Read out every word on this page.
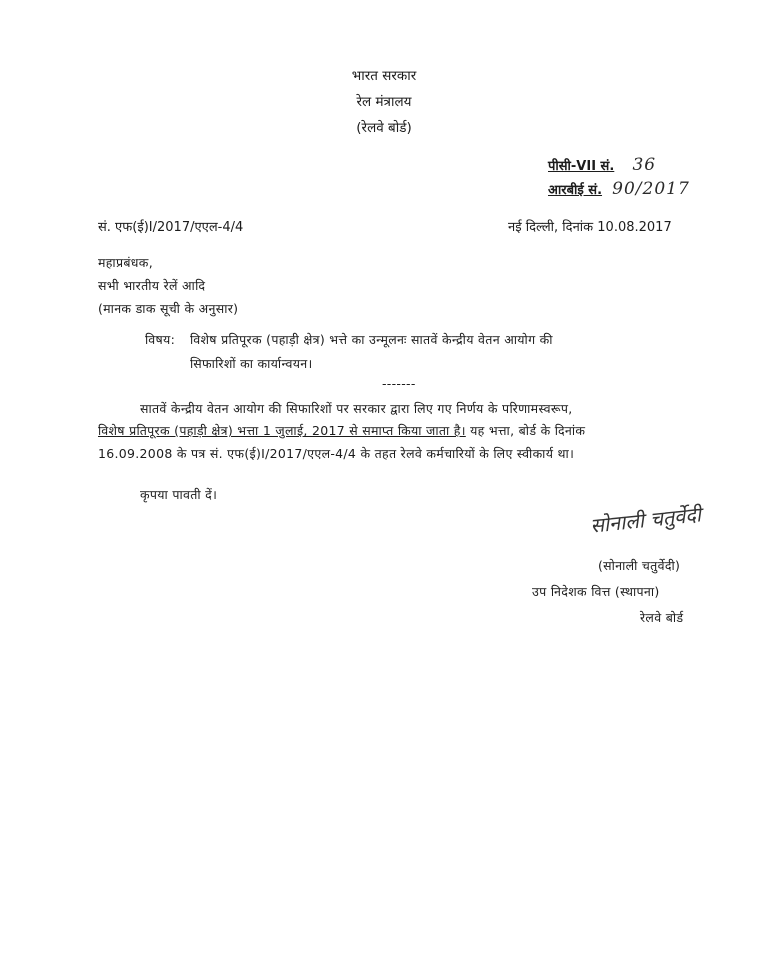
भारत सरकार
रेल मंत्रालय
(रेलवे बोर्ड)
पीसी-VII सं. 36
आरबीई सं. 90/2017
सं. एफ(ई)I/2017/एएल-4/4	नई दिल्ली, दिनांक 10.08.2017
महाप्रबंधक,
सभी भारतीय रेलें आदि
(मानक डाक सूची के अनुसार)
विषय: विशेष प्रतिपूरक (पहाड़ी क्षेत्र) भत्ते का उन्मूलनः सातवें केन्द्रीय वेतन आयोग की
सिफारिशों का कार्यान्वयन।
-------
सातवें केन्द्रीय वेतन आयोग की सिफारिशों पर सरकार द्वारा लिए गए निर्णय के परिणामस्वरूप,
विशेष प्रतिपूरक (पहाड़ी क्षेत्र) भत्ता 1 जुलाई, 2017 से समाप्त किया जाता है। यह भत्ता, बोर्ड के दिनांक
16.09.2008 के पत्र सं. एफ(ई)I/2017/एएल-4/4 के तहत रेलवे कर्मचारियों के लिए स्वीकार्य था।
कृपया पावती दें।
सोनाली चतुर्वेदी
(सोनाली चतुर्वेदी)
उप निदेशक वित्त (स्थापना)
रेलवे बोर्ड
